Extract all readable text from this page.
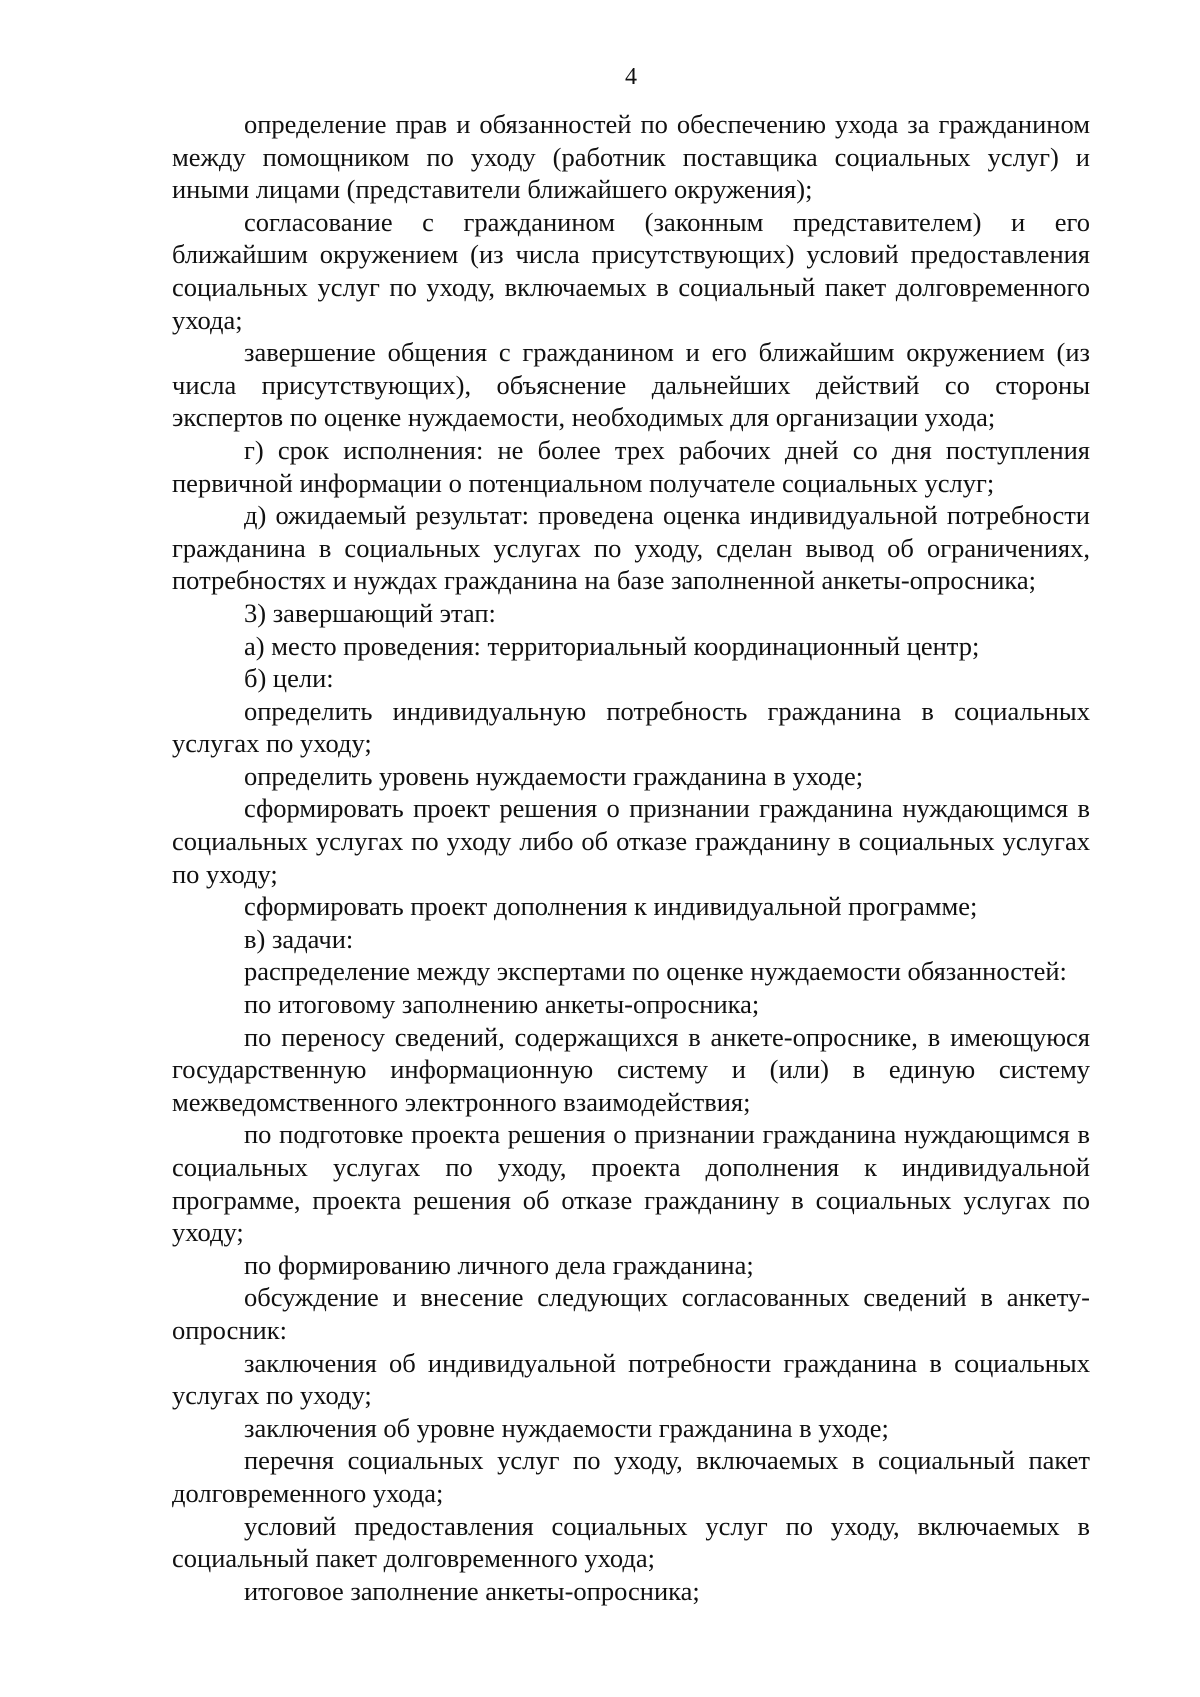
4

определение прав и обязанностей по обеспечению ухода за гражданином между помощником по уходу (работник поставщика социальных услуг) и иными лицами (представители ближайшего окружения);

согласование с гражданином (законным представителем) и его ближайшим окружением (из числа присутствующих) условий предоставления социальных услуг по уходу, включаемых в социальный пакет долговременного ухода;

завершение общения с гражданином и его ближайшим окружением (из числа присутствующих), объяснение дальнейших действий со стороны экспертов по оценке нуждаемости, необходимых для организации ухода;

г) срок исполнения: не более трех рабочих дней со дня поступления первичной информации о потенциальном получателе социальных услуг;

д) ожидаемый результат: проведена оценка индивидуальной потребности гражданина в социальных услугах по уходу, сделан вывод об ограничениях, потребностях и нуждах гражданина на базе заполненной анкеты-опросника;

3) завершающий этап:

а) место проведения: территориальный координационный центр;

б) цели:

определить индивидуальную потребность гражданина в социальных услугах по уходу;

определить уровень нуждаемости гражданина в уходе;

сформировать проект решения о признании гражданина нуждающимся в социальных услугах по уходу либо об отказе гражданину в социальных услугах по уходу;

сформировать проект дополнения к индивидуальной программе;

в) задачи:

распределение между экспертами по оценке нуждаемости обязанностей:

по итоговому заполнению анкеты-опросника;

по переносу сведений, содержащихся в анкете-опроснике, в имеющуюся государственную информационную систему и (или) в единую систему межведомственного электронного взаимодействия;

по подготовке проекта решения о признании гражданина нуждающимся в социальных услугах по уходу, проекта дополнения к индивидуальной программе, проекта решения об отказе гражданину в социальных услугах по уходу;

по формированию личного дела гражданина;

обсуждение и внесение следующих согласованных сведений в анкету-опросник:

заключения об индивидуальной потребности гражданина в социальных услугах по уходу;

заключения об уровне нуждаемости гражданина в уходе;

перечня социальных услуг по уходу, включаемых в социальный пакет долговременного ухода;

условий предоставления социальных услуг по уходу, включаемых в социальный пакет долговременного ухода;

итоговое заполнение анкеты-опросника;
